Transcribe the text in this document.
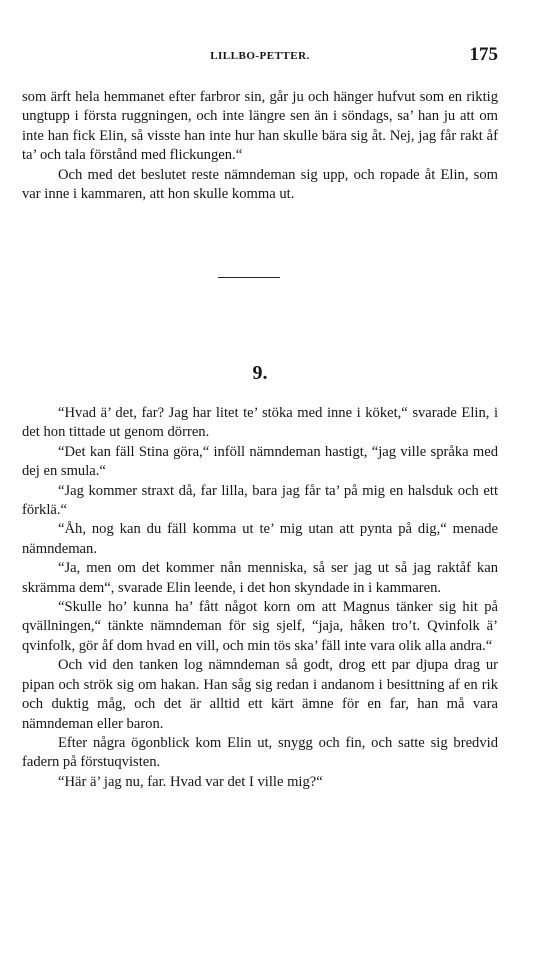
LILLBO-PETTER.	175

som ärft hela hemmanet efter farbror sin, går ju och hänger hufvut som en riktig ungtupp i första ruggningen, och inte längre sen än i söndags, sa’ han ju att om inte han fick Elin, så visste han inte hur han skulle bära sig åt. Nej, jag får rakt åf ta’ och tala förstånd med flickungen.“

Och med det beslutet reste nämndeman sig upp, och ropade åt Elin, som var inne i kammaren, att hon skulle komma ut.

9.

“Hvad ä’ det, far? Jag har litet te’ stöka med inne i köket,“ svarade Elin, i det hon tittade ut genom dörren.

“Det kan fäll Stina göra,“ inföll nämndeman hastigt, “jag ville språka med dej en smula.“

“Jag kommer straxt då, far lilla, bara jag får ta’ på mig en halsduk och ett förklä.“

“Åh, nog kan du fäll komma ut te’ mig utan att pynta på dig,“ menade nämndeman.

“Ja, men om det kommer nån menniska, så ser jag ut så jag raktåf kan skrämma dem“, svarade Elin leende, i det hon skyndade in i kammaren.

“Skulle ho’ kunna ha’ fått något korn om att Magnus tänker sig hit på qvällningen,“ tänkte nämndeman för sig sjelf, “jaja, håken tro’t. Qvinfolk ä’ qvinfolk, gör åf dom hvad en vill, och min tös ska’ fäll inte vara olik alla andra.“

Och vid den tanken log nämndeman så godt, drog ett par djupa drag ur pipan och strök sig om hakan. Han såg sig redan i andanom i besittning af en rik och duktig måg, och det är alltid ett kärt ämne för en far, han må vara nämndeman eller baron.

Efter några ögonblick kom Elin ut, snygg och fin, och satte sig bredvid fadern på förstuqvisten.

“Här ä’ jag nu, far. Hvad var det I ville mig?“
